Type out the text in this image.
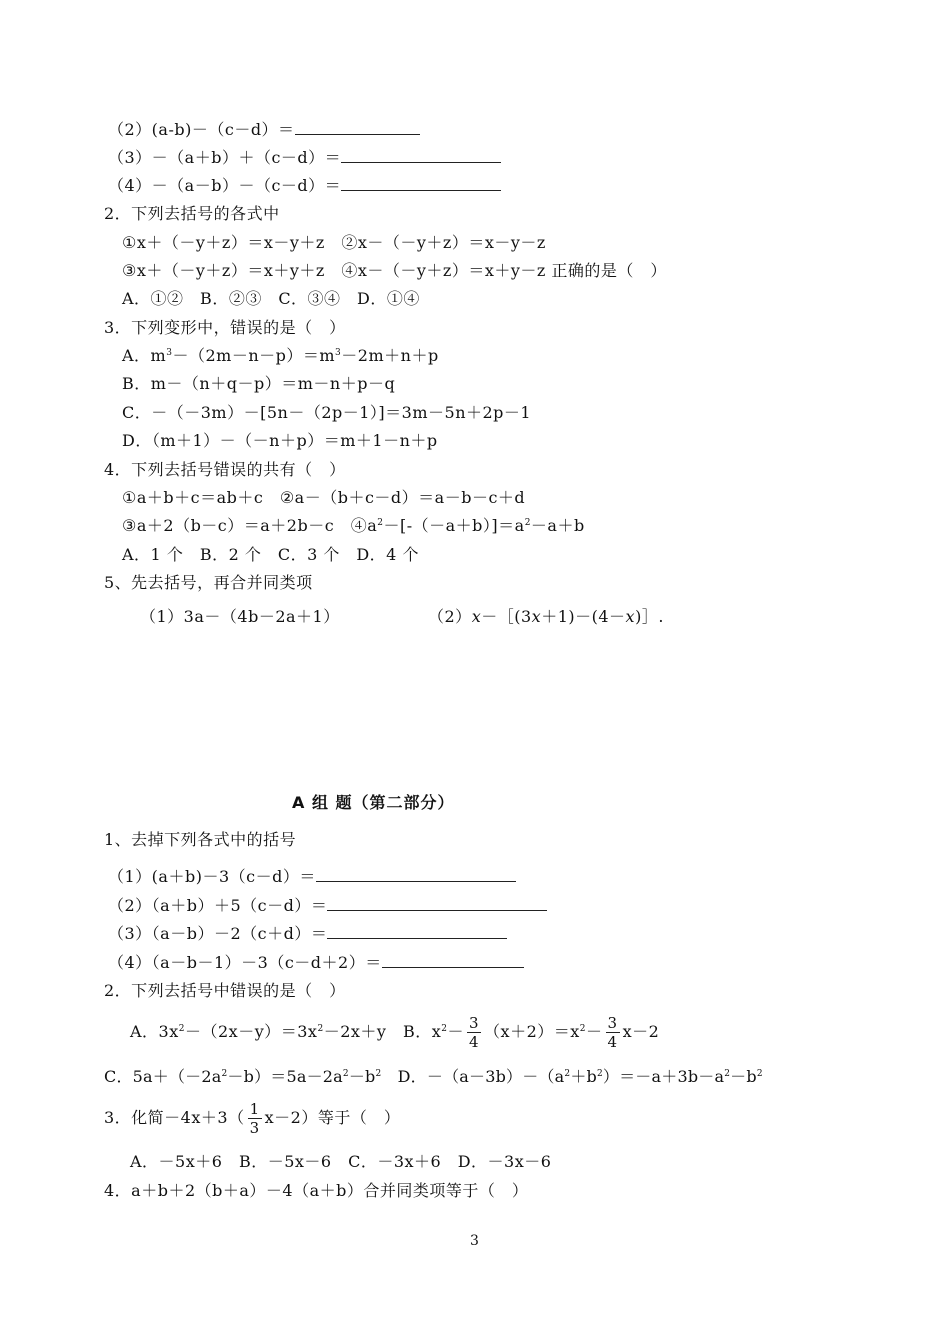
（2）(a-b)－（c－d）＝
（3）－（a＋b）＋（c－d）＝
（4）－（a－b）－（c－d）＝
2．下列去括号的各式中
①x＋（－y＋z）＝x－y＋z　②x－（－y＋z）＝x－y－z
③x＋（－y＋z）＝x＋y＋z　④x－（－y＋z）＝x＋y－z 正确的是（　）
A．①②　B．②③　C．③④　D．①④
3．下列变形中，错误的是（　）
A．$m^3-(2m-n-p)=m^3-2m+n+p$
B．m－（n＋q－p）＝m－n＋p－q
C．－（－3m）－[5n－（2p－1）]＝3m－5n＋2p－1
D．（m＋1）－（－n＋p）＝m＋1－n＋p
4．下列去括号错误的共有（　）
①a＋b＋c＝ab＋c　②a－（b＋c－d）＝a－b－c＋d
③a＋2（b－c）＝a＋2b－c　$④a^2-[-(-a+b)]=a^2-a+b$
A．1 个　B．2 个　C．3 个　D．4 个
5、先去括号，再合并同类项
（1）3a－（4b－2a＋1）	（2）x－［(3x＋1)－(4－x)］.
A 组 题（第二部分）
1、去掉下列各式中的括号
（1）(a＋b)－3（c－d）＝
（2）（a＋b）＋5（c－d）＝
（3）（a－b）－2（c＋d）＝
（4）（a－b－1）－3（c－d＋2）＝
2．下列去括号中错误的是（　）
A．$3x^2-(2x-y)=3x^2-2x+y$　 B．$x^2- \frac{3}{4} (x+2)=x^2- \frac{3}{4} x-2$
C．$5a+(-2a^2-b)=5a-2a^2-b^2$　 D．$-(a-3b)-(a^2+b^2)=-a+3b-a^2-b^2$
3．化简$-4x+3( \frac{1}{3} x-2)$等于（　）
A．－5x＋6　B．－5x－6　C．－3x＋6　D．－3x－6
4．a＋b＋2（b＋a）－4（a＋b）合并同类项等于（　）
3
